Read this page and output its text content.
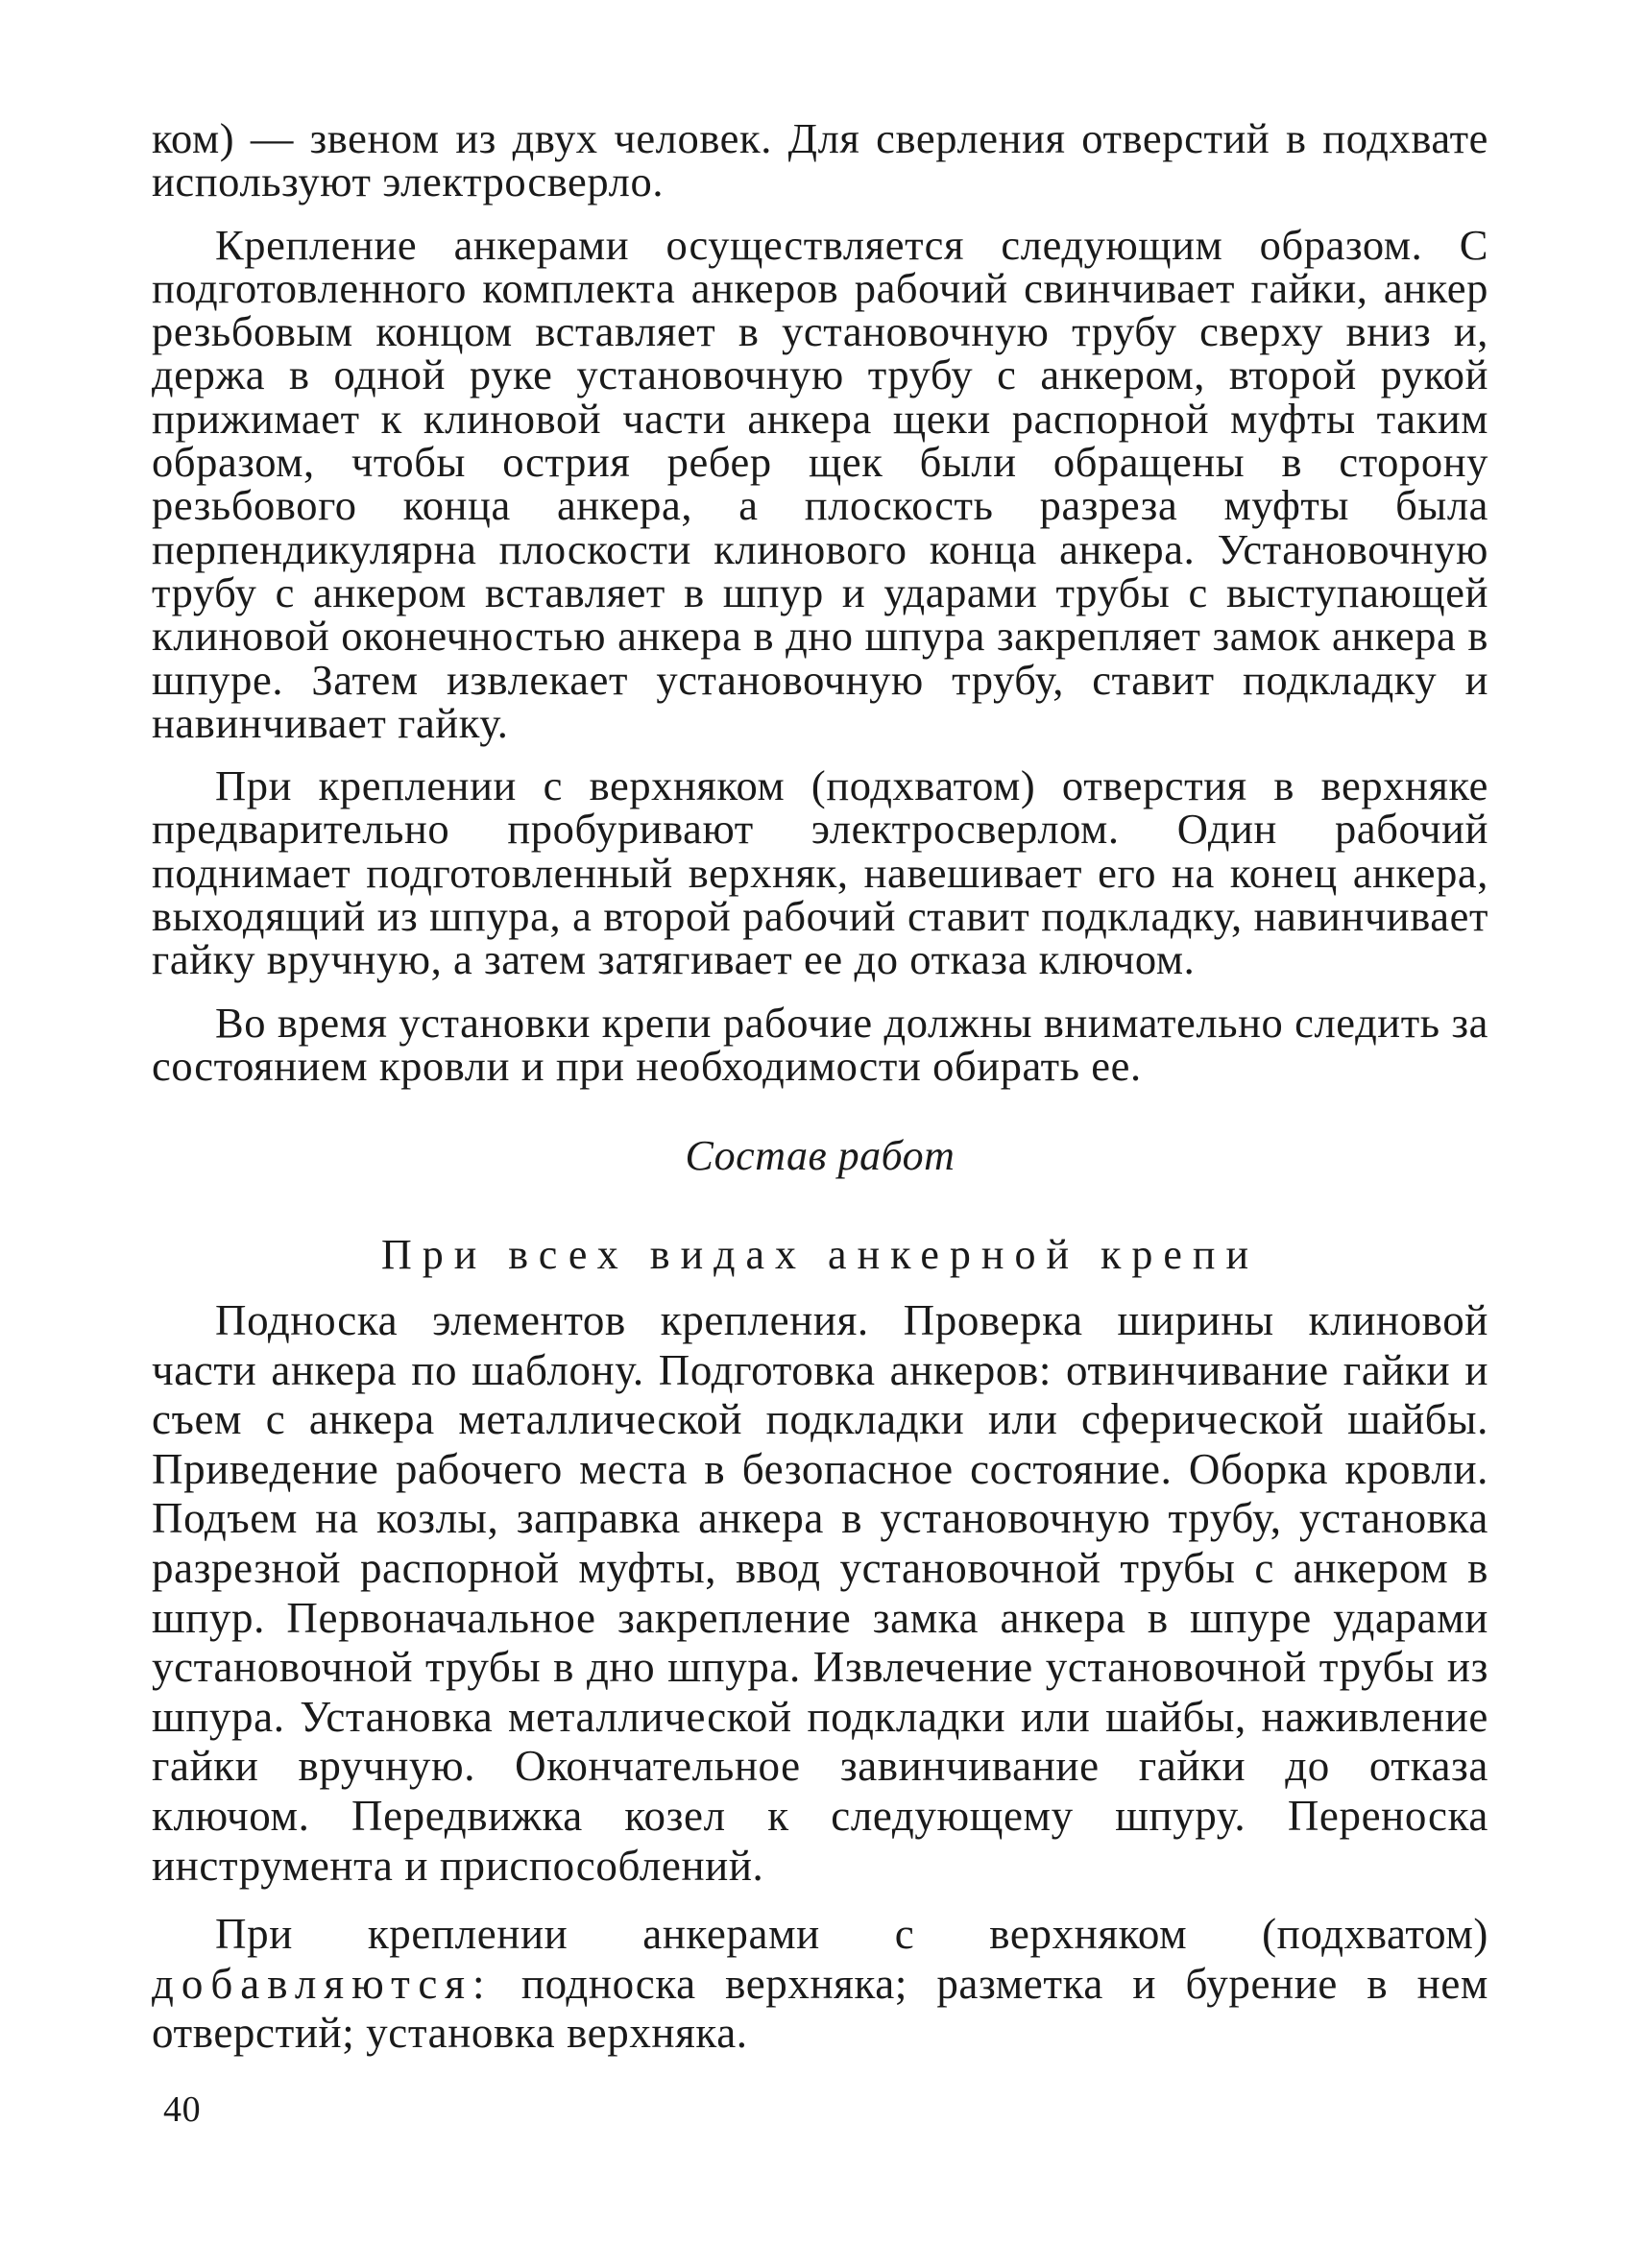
ком) — звеном из двух человек. Для сверления отверстий в подхвате используют электросверло.

Крепление анкерами осуществляется следующим образом. С подготовленного комплекта анкеров рабочий свинчивает гайки, анкер резьбовым концом вставляет в установочную трубу сверху вниз и, держа в одной руке установочную трубу с анкером, второй рукой прижимает к клиновой части анкера щеки распорной муфты таким образом, чтобы острия ребер щек были обращены в сторону резьбового конца анкера, а плоскость разреза муфты была перпендикулярна плоскости клинового конца анкера. Установочную трубу с анкером вставляет в шпур и ударами трубы с выступающей клиновой оконечностью анкера в дно шпура закрепляет замок анкера в шпуре. Затем извлекает установочную трубу, ставит подкладку и навинчивает гайку.

При креплении с верхняком (подхватом) отверстия в верхняке предварительно пробуривают электросверлом. Один рабочий поднимает подготовленный верхняк, навешивает его на конец анкера, выходящий из шпура, а второй рабочий ставит подкладку, навинчивает гайку вручную, а затем затягивает ее до отказа ключом.

Во время установки крепи рабочие должны внимательно следить за состоянием кровли и при необходимости обирать ее.

Состав работ
При всех видах анкерной крепи

Подноска элементов крепления. Проверка ширины клиновой части анкера по шаблону. Подготовка анкеров: отвинчивание гайки и съем с анкера металлической подкладки или сферической шайбы. Приведение рабочего места в безопасное состояние. Оборка кровли. Подъем на козлы, заправка анкера в установочную трубу, установка разрезной распорной муфты, ввод установочной трубы с анкером в шпур. Первоначальное закрепление замка анкера в шпуре ударами установочной трубы в дно шпура. Извлечение установочной трубы из шпура. Установка металлической подкладки или шайбы, наживление гайки вручную. Окончательное завинчивание гайки до отказа ключом. Передвижка козел к следующему шпуру. Переноска инструмента и приспособлений.

При креплении анкерами с верхняком (подхватом) добавляются: подноска верхняка; разметка и бурение в нем отверстий; установка верхняка.

40
